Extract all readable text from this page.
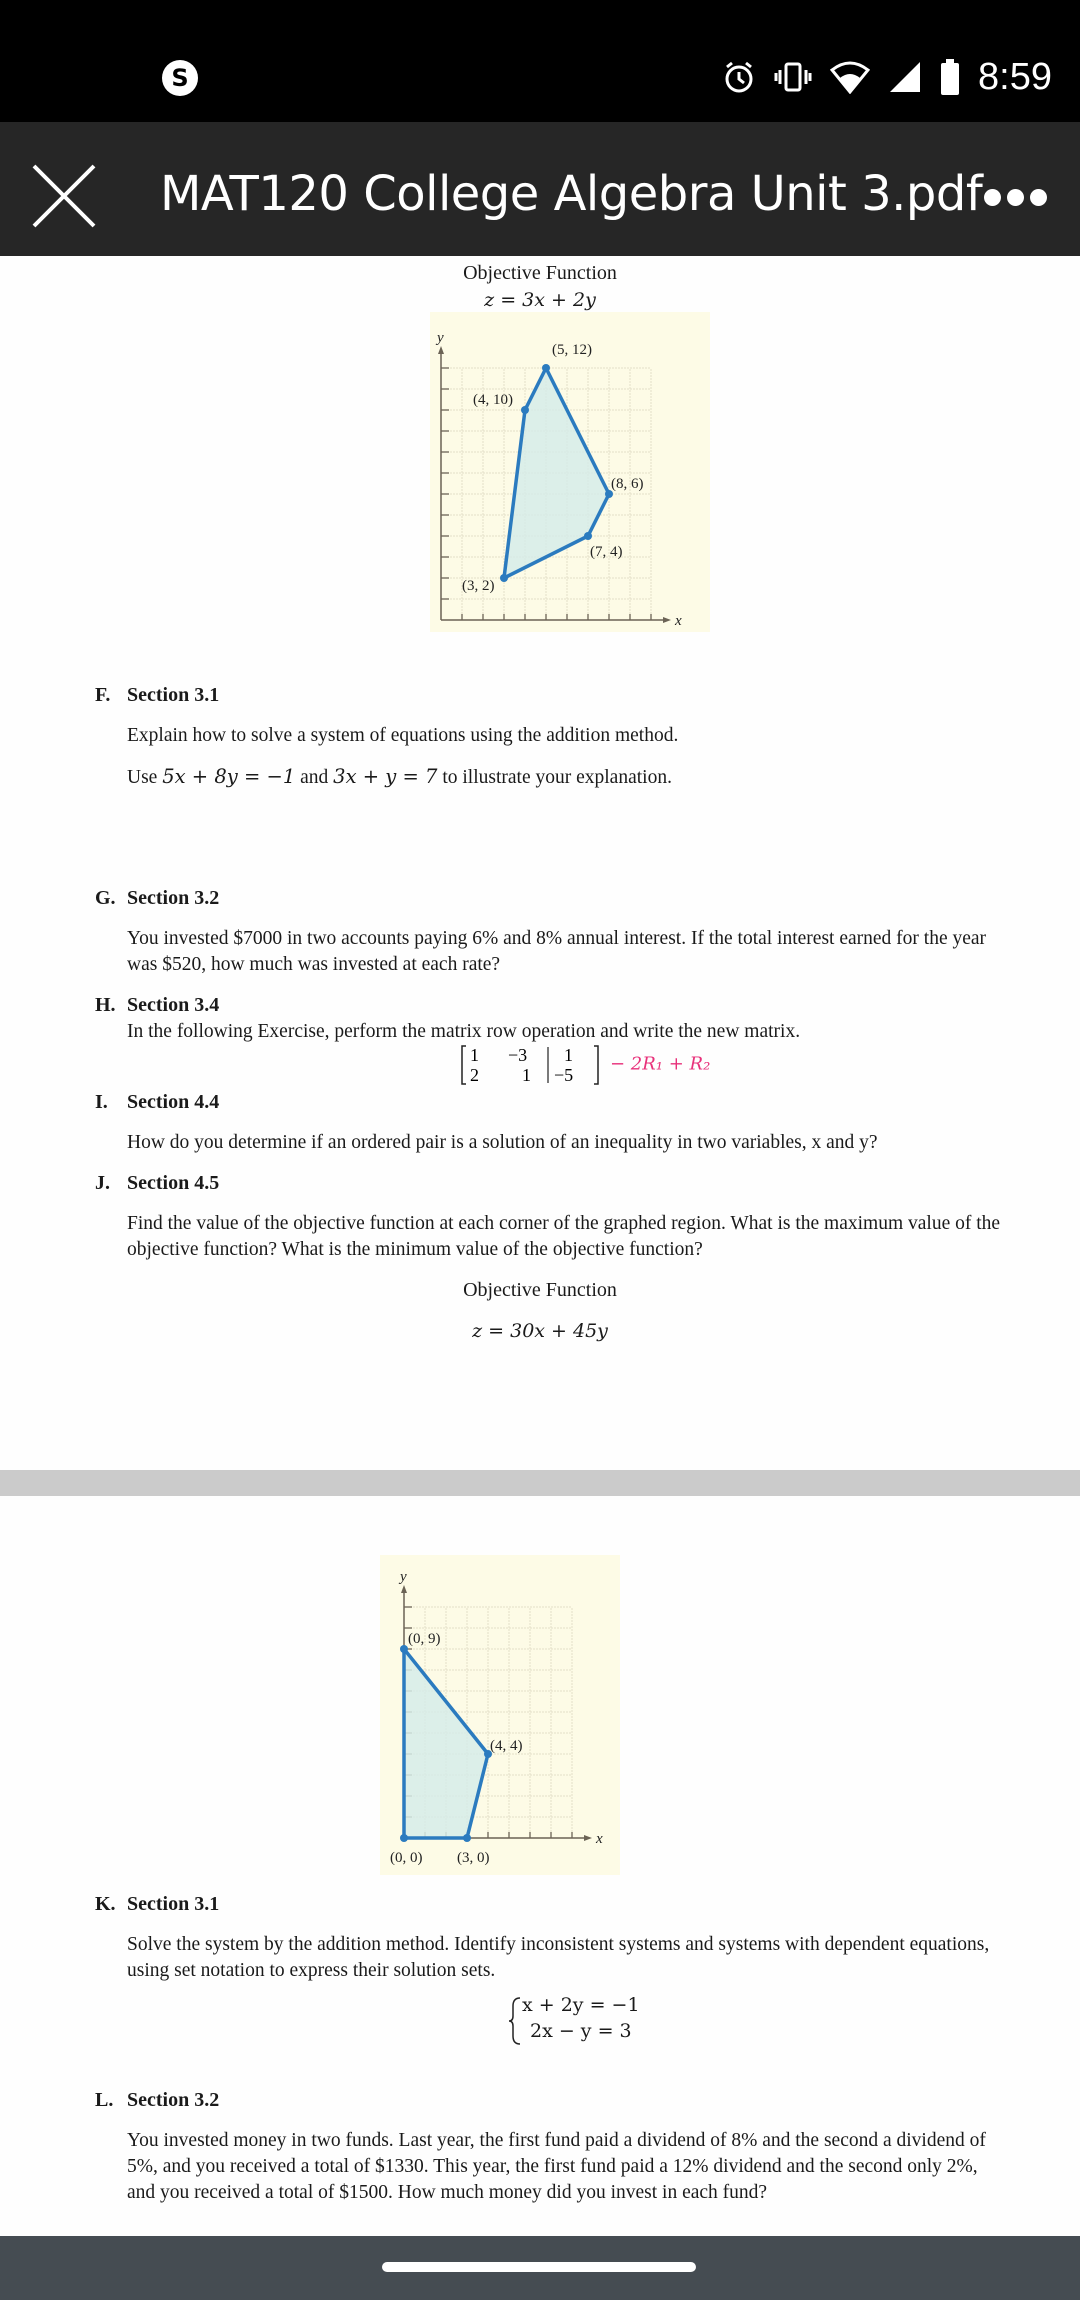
S	8:59
MAT120 College Algebra Unit 3.pdf
Objective Function
z = 3x + 2y
x
y
(3, 2)
(4, 10)
(5, 12)
(8, 6)
(7, 4)
F. Section 3.1
Explain how to solve a system of equations using the addition method.
Use 5x + 8y = −1 and 3x + y = 7 to illustrate your explanation.
G. Section 3.2
You invested $7000 in two accounts paying 6% and 8% annual interest. If the total interest earned for the year was $520, how much was invested at each rate?
H. Section 3.4
In the following Exercise, perform the matrix row operation and write the new matrix.
1 −3 1
2 1 −5
− 2R₁ + R₂
I. Section 4.4
How do you determine if an ordered pair is a solution of an inequality in two variables, x and y?
J. Section 4.5
Find the value of the objective function at each corner of the graphed region. What is the maximum value of the objective function? What is the minimum value of the objective function?
Objective Function
z = 30x + 45y
x
y
(0, 0)
(0, 9)
(4, 4)
(3, 0)
K. Section 3.1
Solve the system by the addition method. Identify inconsistent systems and systems with dependent equations, using set notation to express their solution sets.
x + 2y = −1
2x − y = 3
L. Section 3.2
You invested money in two funds. Last year, the first fund paid a dividend of 8% and the second a dividend of 5%, and you received a total of $1330. This year, the first fund paid a 12% dividend and the second only 2%, and you received a total of $1500. How much money did you invest in each fund?
